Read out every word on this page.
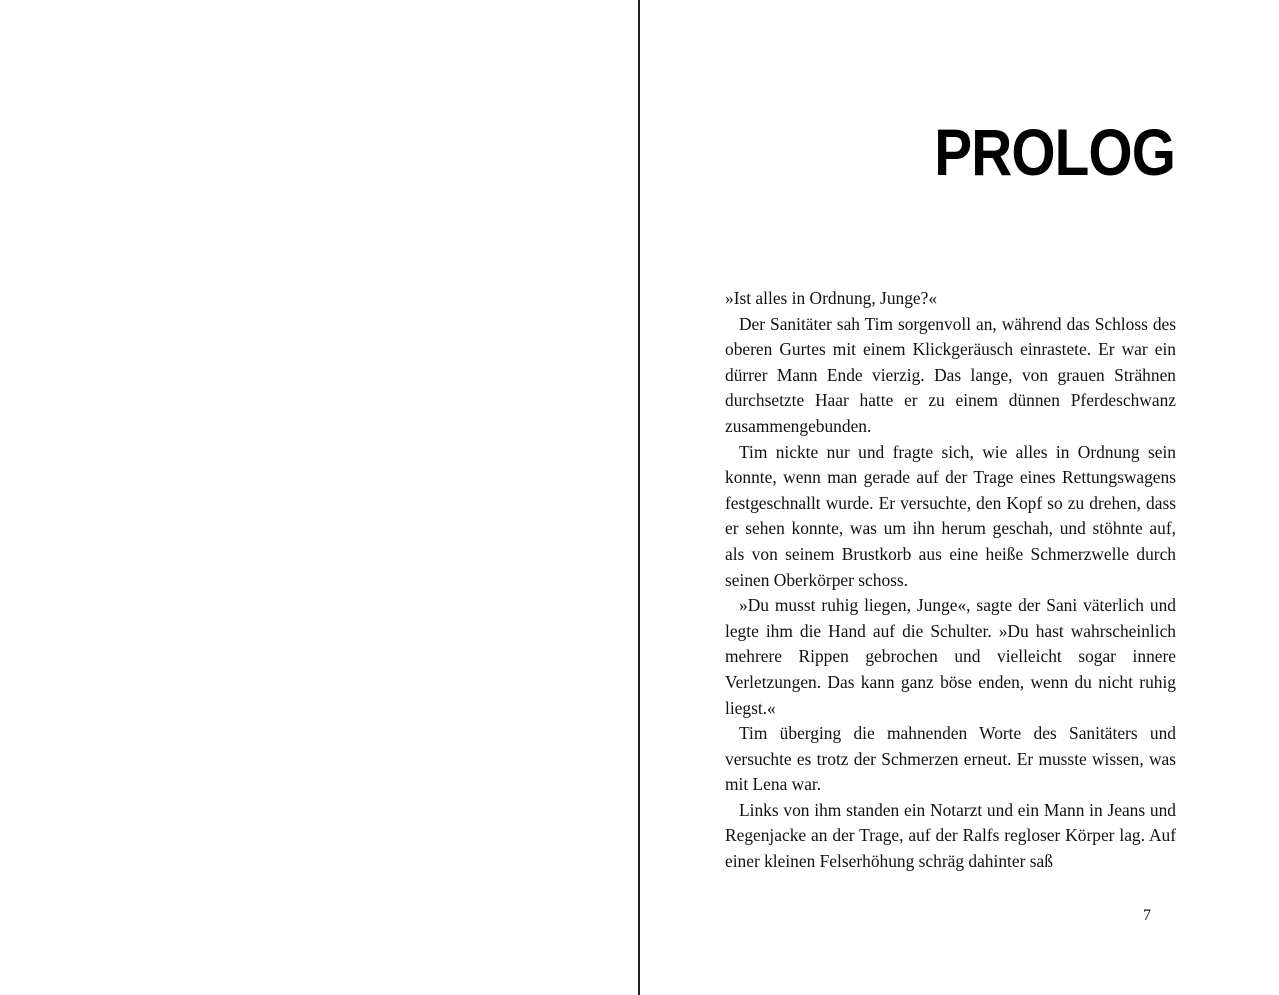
PROLOG

»Ist alles in Ordnung, Junge?«

Der Sanitäter sah Tim sorgenvoll an, während das Schloss des oberen Gurtes mit einem Klickgeräusch einrastete. Er war ein dürrer Mann Ende vierzig. Das lange, von grauen Strähnen durchsetzte Haar hatte er zu einem dünnen Pferdeschwanz zusammengebunden.

Tim nickte nur und fragte sich, wie alles in Ordnung sein konnte, wenn man gerade auf der Trage eines Rettungswagens festgeschnallt wurde. Er versuchte, den Kopf so zu drehen, dass er sehen konnte, was um ihn herum geschah, und stöhnte auf, als von seinem Brustkorb aus eine heiße Schmerzwelle durch seinen Oberkörper schoss.

»Du musst ruhig liegen, Junge«, sagte der Sani väterlich und legte ihm die Hand auf die Schulter. »Du hast wahrscheinlich mehrere Rippen gebrochen und vielleicht sogar innere Verletzungen. Das kann ganz böse enden, wenn du nicht ruhig liegst.«

Tim überging die mahnenden Worte des Sanitäters und versuchte es trotz der Schmerzen erneut. Er musste wissen, was mit Lena war.

Links von ihm standen ein Notarzt und ein Mann in Jeans und Regenjacke an der Trage, auf der Ralfs regloser Körper lag. Auf einer kleinen Felserhöhung schräg dahinter saß

7
